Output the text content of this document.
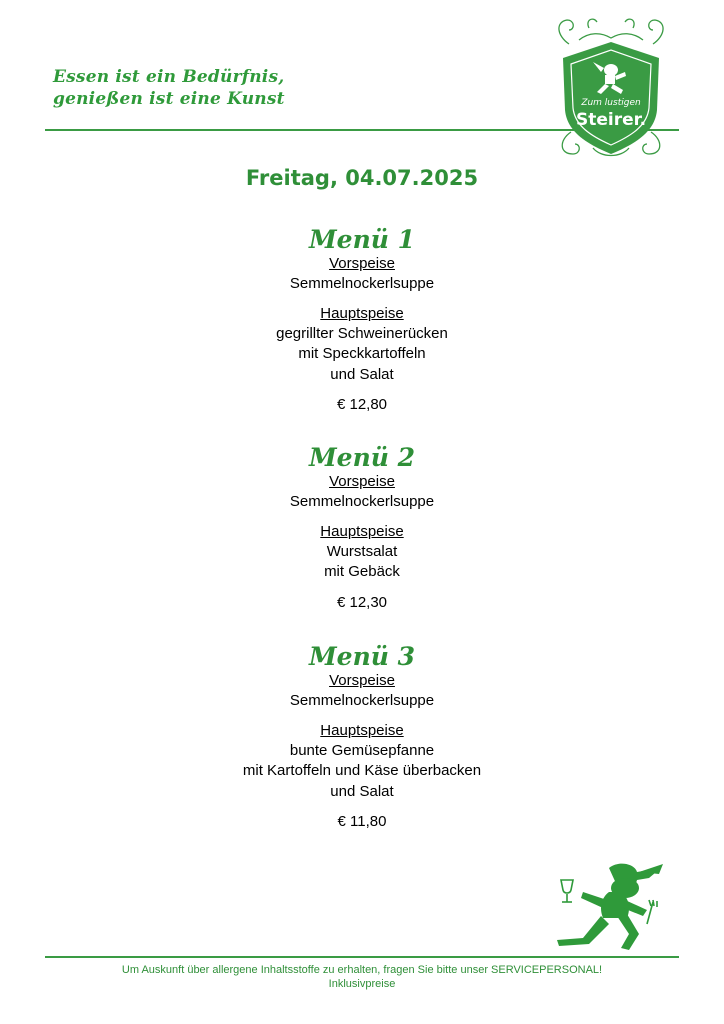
Essen ist ein Bedürfnis,
genießen ist eine Kunst	Zum lustigen
Steirer.
Freitag, 04.07.2025
Menü 1
Vorspeise
Semmelnockerlsuppe
Hauptspeise
gegrillter Schweinerücken
mit Speckkartoffeln
und Salat
€ 12,80
Menü 2
Vorspeise
Semmelnockerlsuppe
Hauptspeise
Wurstsalat
mit Gebäck
€ 12,30
Menü 3
Vorspeise
Semmelnockerlsuppe
Hauptspeise
bunte Gemüsepfanne
mit Kartoffeln und Käse überbacken
und Salat
€ 11,80
Um Auskunft über allergene Inhaltsstoffe zu erhalten, fragen Sie bitte unser SERVICEPERSONAL!
Inklusivpreise
